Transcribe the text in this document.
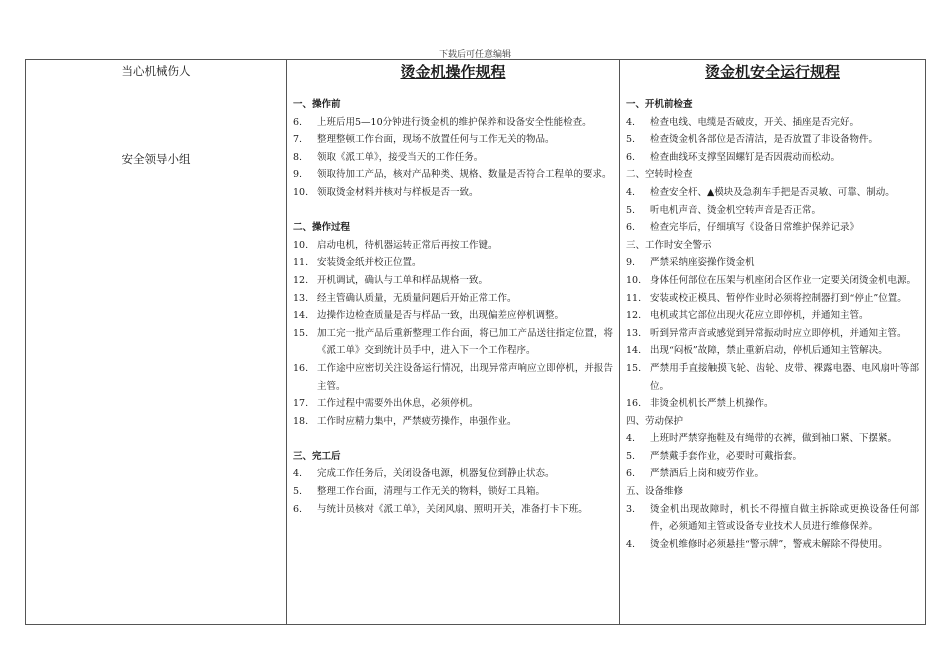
下载后可任意编辑
当心机械伤人
安全领导小组
烫金机操作规程
一、操作前
6.	上班后用5—10分钟进行烫金机的维护保养和设备安全性能检查。
7.	整理整顿工作台面，现场不放置任何与工作无关的物品。
8.	领取《派工单》，接受当天的工作任务。
9.	领取待加工产品，核对产品种类、规格、数量是否符合工程单的要求。
10. 领取烫金材料并核对与样板是否一致。
二、操作过程
10. 启动电机，待机器运转正常后再按工作键。
11. 安装烫金纸并校正位置。
12. 开机调试，确认与工单和样品规格一致。
13. 经主管确认质量，无质量问题后开始正常工作。
14. 边操作边检查质量是否与样品一致，出现偏差应停机调整。
15. 加工完一批产品后重新整理工作台面，将已加工产品送往指定位置，将《派工单》交到统计员手中，进入下一个工作程序。
16. 工作途中应密切关注设备运行情况，出现异常声响应立即停机，并报告主管。
17. 工作过程中需要外出休息，必须停机。
18. 工作时应精力集中，严禁疲劳操作，串强作业。
三、完工后
4.	完成工作任务后，关闭设备电源，机器复位到静止状态。
5.	整理工作台面，清理与工作无关的物料，锁好工具箱。
6.	与统计员核对《派工单》，关闭风扇、照明开关，准备打卡下班。
烫金机安全运行规程
一、开机前检查
4.	检查电线、电缆是否破皮，开关、插座是否完好。
5.	检查烫金机各部位是否清洁，是否放置了非设备物件。
6.	检查曲线环支撑坚固螺钉是否因震动而松动。
二、空转时检查
4.	检查安全杆、▲模块及急刹车手把是否灵敏、可靠、制动。
5.	听电机声音、烫金机空转声音是否正常。
6.	检查完毕后，仔细填写《设备日常维护保养记录》
三、工作时安全警示
9.	严禁采纳座姿操作烫金机
10. 身体任何部位在压架与机座闭合区作业一定要关闭烫金机电源。
11. 安装或校正模具、暂停作业时必须将控制器打到“停止”位置。
12. 电机或其它部位出现火花应立即停机，并通知主管。
13. 听到异常声音或感觉到异常振动时应立即停机，并通知主管。
14. 出现“闷板”故障，禁止重新启动，停机后通知主管解决。
15. 严禁用手直接触摸飞轮、齿轮、皮带、裸露电器、电风扇叶等部位。
16. 非烫金机机长严禁上机操作。
四、劳动保护
4.	上班时严禁穿拖鞋及有绳带的衣裤，做到袖口紧、下摆紧。
5.	严禁戴手套作业，必要时可戴指套。
6.	严禁酒后上岗和疲劳作业。
五、设备维修
3.	烫金机出现故障时，机长不得擅自做主拆除或更换设备任何部件，必须通知主管或设备专业技术人员进行维修保养。
4.	烫金机维修时必须悬挂“警示牌”，警戒未解除不得使用。
